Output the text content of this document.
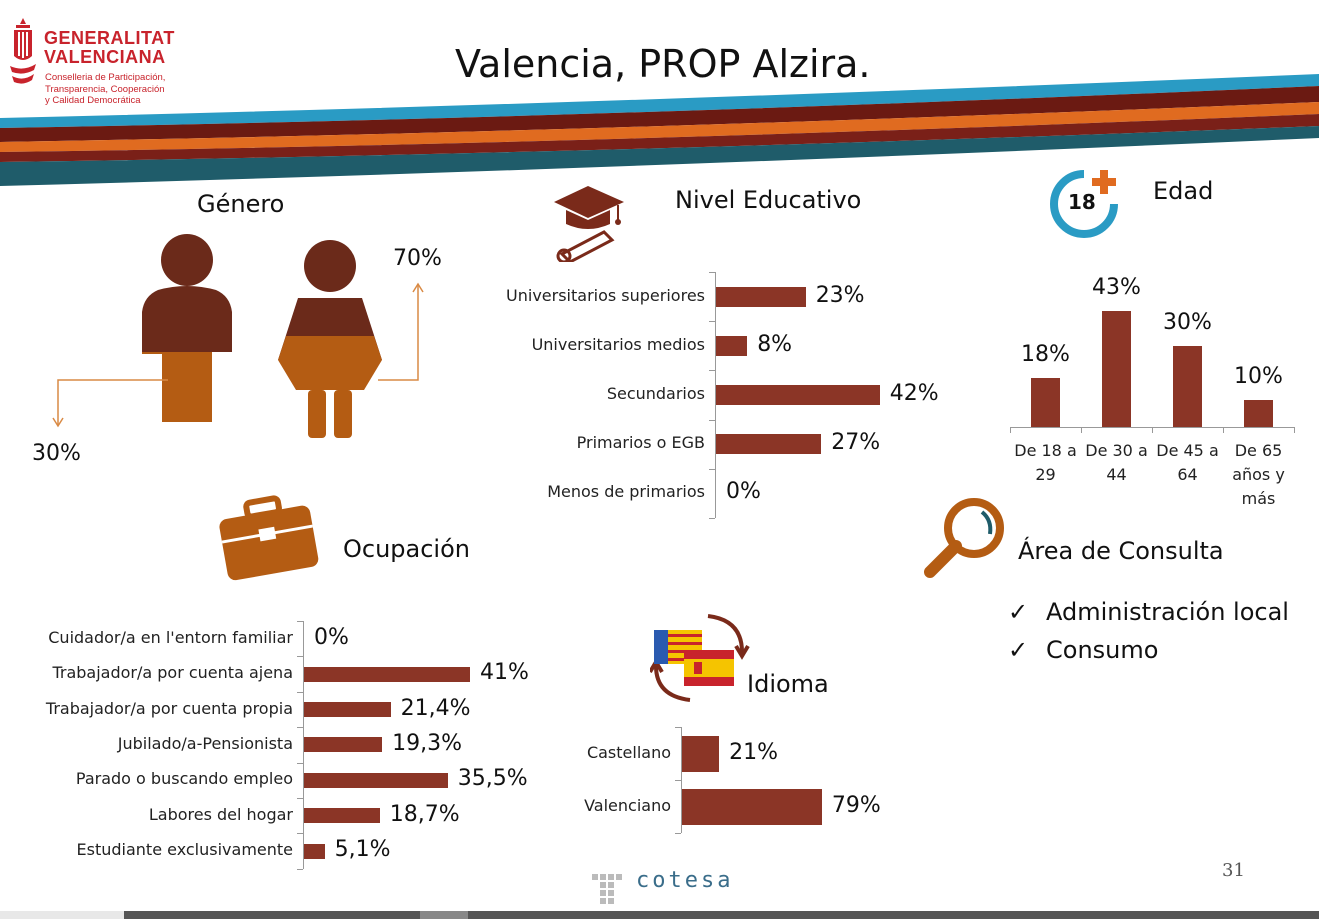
GENERALITAT
VALENCIANA
Conselleria de Participación,
Transparencia, Cooperación
y Calidad Democrática
Valencia, PROP Alzira.
Género
70%
30%
Nivel Educativo
Universitarios superiores	23%
Universitarios medios 8%
Secundarios	42%
Primarios o EGB	27%
Menos de primarios 0%
18 Edad
18%
De 18 a
29
43%
De 30 a
44
30%
De 45 a
64
10%
De 65
años y
más
Ocupación
Cuidador/a en l'entorn familiar 0%
Trabajador/a por cuenta ajena	41%
Trabajador/a por cuenta propia	21,4%
Jubilado/a-Pensionista	19,3%
Parado o buscando empleo	35,5%
Labores del hogar	18,7%
Estudiante exclusivamente 5,1%
Idioma
Castellano	21%
Valenciano	79%
Área de Consulta
✓ Administración local
✓ Consumo
cotesa	31
